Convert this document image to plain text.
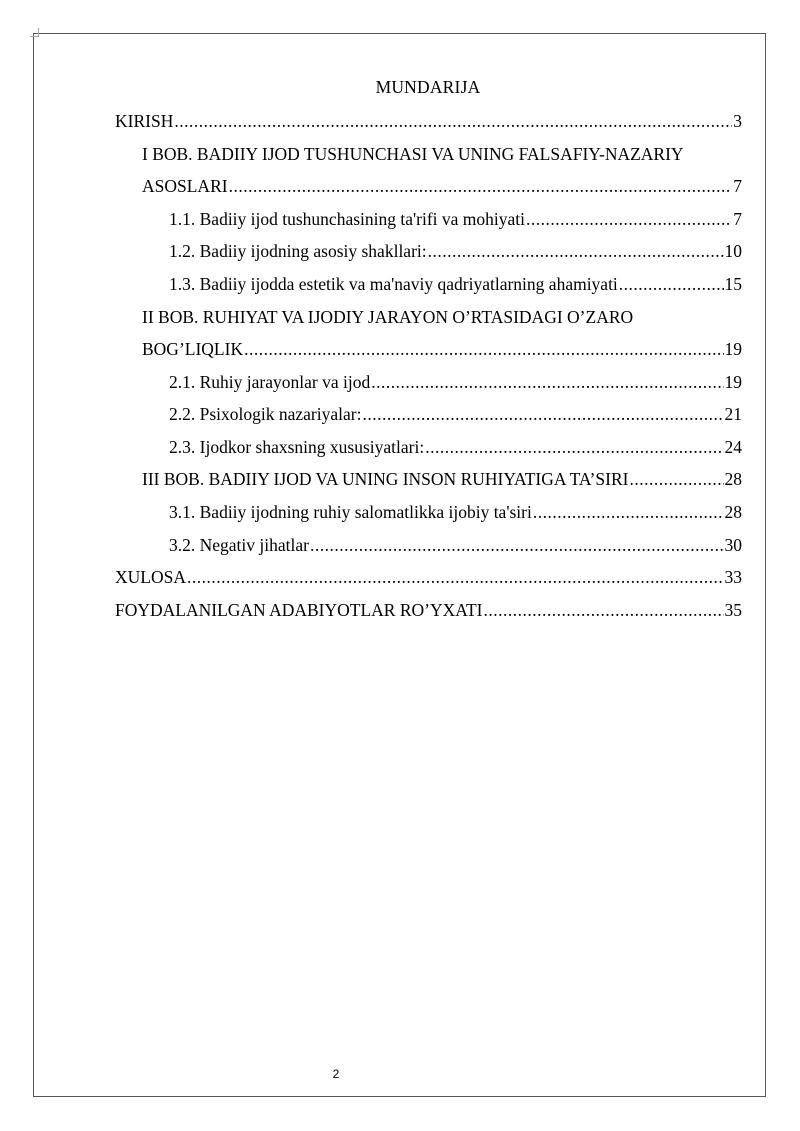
MUNDARIJA
KIRISH .....	3
I BOB. BADIIY IJOD TUSHUNCHASI VA UNING FALSAFIY-NAZARIY
ASOSLARI .....	7
1.1. Badiiy ijod tushunchasining ta'rifi va mohiyati .....	7
1.2. Badiiy ijodning asosiy shakllari: .....	10
1.3. Badiiy ijodda estetik va ma'naviy qadriyatlarning ahamiyati .....	15
II BOB. RUHIYAT VA IJODIY JARAYON O’RTASIDAGI O’ZARO
BOG’LIQLIK .....	19
2.1. Ruhiy jarayonlar va ijod .....	19
2.2. Psixologik nazariyalar: .....	21
2.3. Ijodkor shaxsning xususiyatlari: .....	24
III BOB. BADIIY IJOD VA UNING INSON RUHIYATIGA TA’SIRI .....	28
3.1. Badiiy ijodning ruhiy salomatlikka ijobiy ta'siri .....	28
3.2. Negativ jihatlar .....	30
XULOSA .....	33
FOYDALANILGAN ADABIYOTLAR RO’YXATI .....	35
2
